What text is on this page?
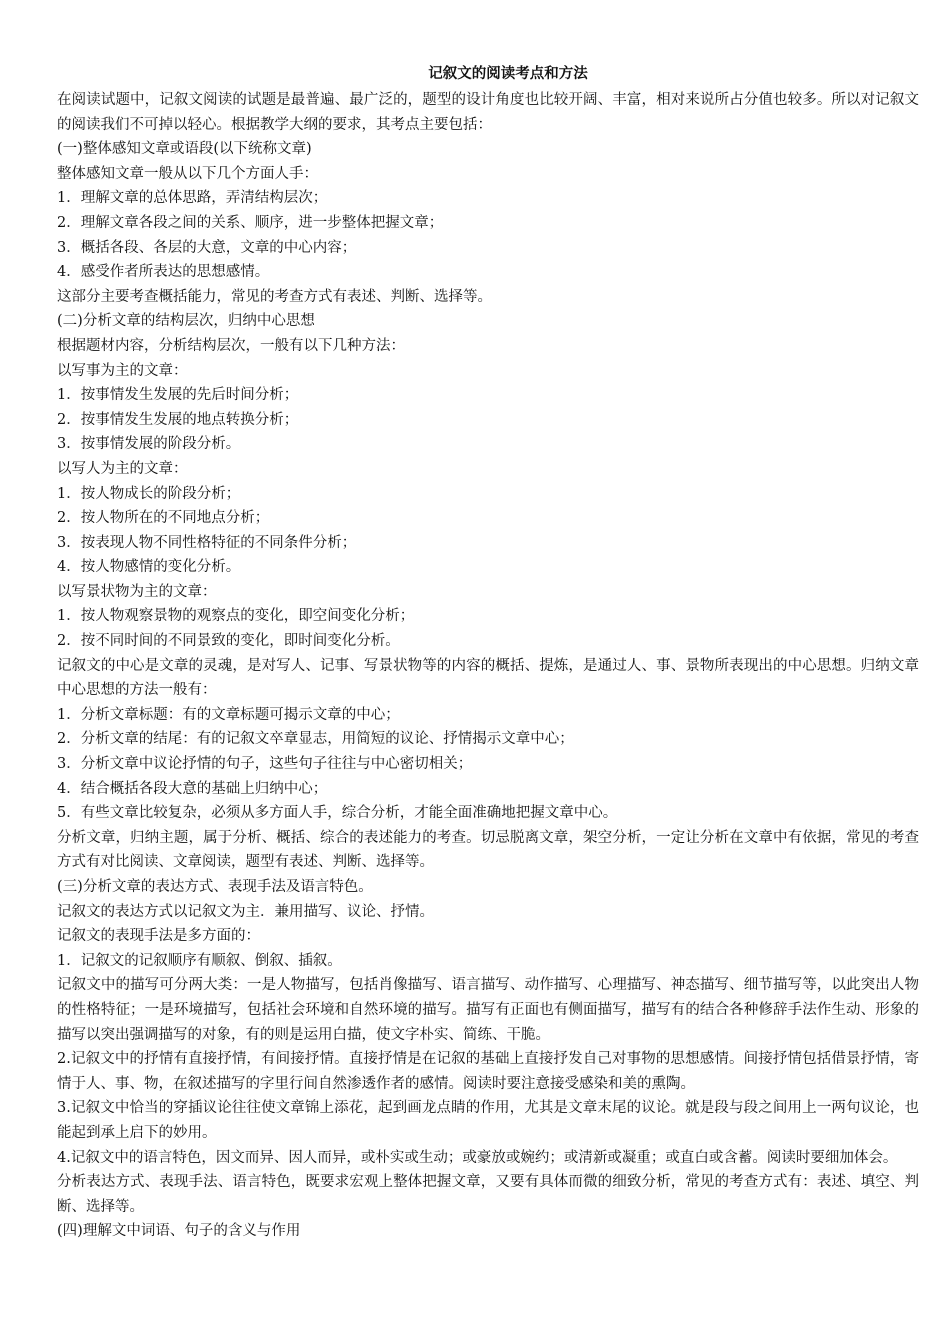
记叙文的阅读考点和方法

在阅读试题中，记叙文阅读的试题是最普遍、最广泛的，题型的设计角度也比较开阔、丰富，相对来说所占分值也较多。所以对记叙文的阅读我们不可掉以轻心。根据教学大纲的要求，其考点主要包括：

(一)整体感知文章或语段(以下统称文章)

整体感知文章一般从以下几个方面人手：

1．理解文章的总体思路，弄清结构层次；

2．理解文章各段之间的关系、顺序，进一步整体把握文章；

3．概括各段、各层的大意，文章的中心内容；

4．感受作者所表达的思想感情。

这部分主要考查概括能力，常见的考查方式有表述、判断、选择等。

(二)分析文章的结构层次，归纳中心思想

根据题材内容，分析结构层次，一般有以下几种方法：

以写事为主的文章：

1．按事情发生发展的先后时间分析；

2．按事情发生发展的地点转换分析；

3．按事情发展的阶段分析。

以写人为主的文章：

1．按人物成长的阶段分析；

2．按人物所在的不同地点分析；

3．按表现人物不同性格特征的不同条件分析；

4．按人物感情的变化分析。

以写景状物为主的文章：

1．按人物观察景物的观察点的变化，即空间变化分析；

2．按不同时间的不同景致的变化，即时间变化分析。

记叙文的中心是文章的灵魂，是对写人、记事、写景状物等的内容的概括、提炼，是通过人、事、景物所表现出的中心思想。归纳文章中心思想的方法一般有：

1．分析文章标题：有的文章标题可揭示文章的中心；

2．分析文章的结尾：有的记叙文卒章显志，用简短的议论、抒情揭示文章中心；

3．分析文章中议论抒情的句子，这些句子往往与中心密切相关；

4．结合概括各段大意的基础上归纳中心；

5．有些文章比较复杂，必须从多方面人手，综合分析，才能全面准确地把握文章中心。

分析文章，归纳主题，属于分析、概括、综合的表述能力的考查。切忌脱离文章，架空分析，一定让分析在文章中有依据，常见的考查方式有对比阅读、文章阅读，题型有表述、判断、选择等。

(三)分析文章的表达方式、表现手法及语言特色。

记叙文的表达方式以记叙文为主．兼用描写、议论、抒情。

记叙文的表现手法是多方面的：

1．记叙文的记叙顺序有顺叙、倒叙、插叙。

记叙文中的描写可分两大类：一是人物描写，包括肖像描写、语言描写、动作描写、心理描写、神态描写、细节描写等，以此突出人物的性格特征；一是环境描写，包括社会环境和自然环境的描写。描写有正面也有侧面描写，描写有的结合各种修辞手法作生动、形象的描写以突出强调描写的对象，有的则是运用白描，使文字朴实、简练、干脆。

2.记叙文中的抒情有直接抒情，有间接抒情。直接抒情是在记叙的基础上直接抒发自己对事物的思想感情。间接抒情包括借景抒情，寄情于人、事、物，在叙述描写的字里行间自然渗透作者的感情。阅读时要注意接受感染和美的熏陶。

3.记叙文中恰当的穿插议论往往使文章锦上添花，起到画龙点睛的作用，尤其是文章末尾的议论。就是段与段之间用上一两句议论，也能起到承上启下的妙用。

4.记叙文中的语言特色，因文而异、因人而异，或朴实或生动；或豪放或婉约；或清新或凝重；或直白或含蓄。阅读时要细加体会。

分析表达方式、表现手法、语言特色，既要求宏观上整体把握文章，又要有具体而微的细致分析，常见的考查方式有：表述、填空、判断、选择等。

(四)理解文中词语、句子的含义与作用
